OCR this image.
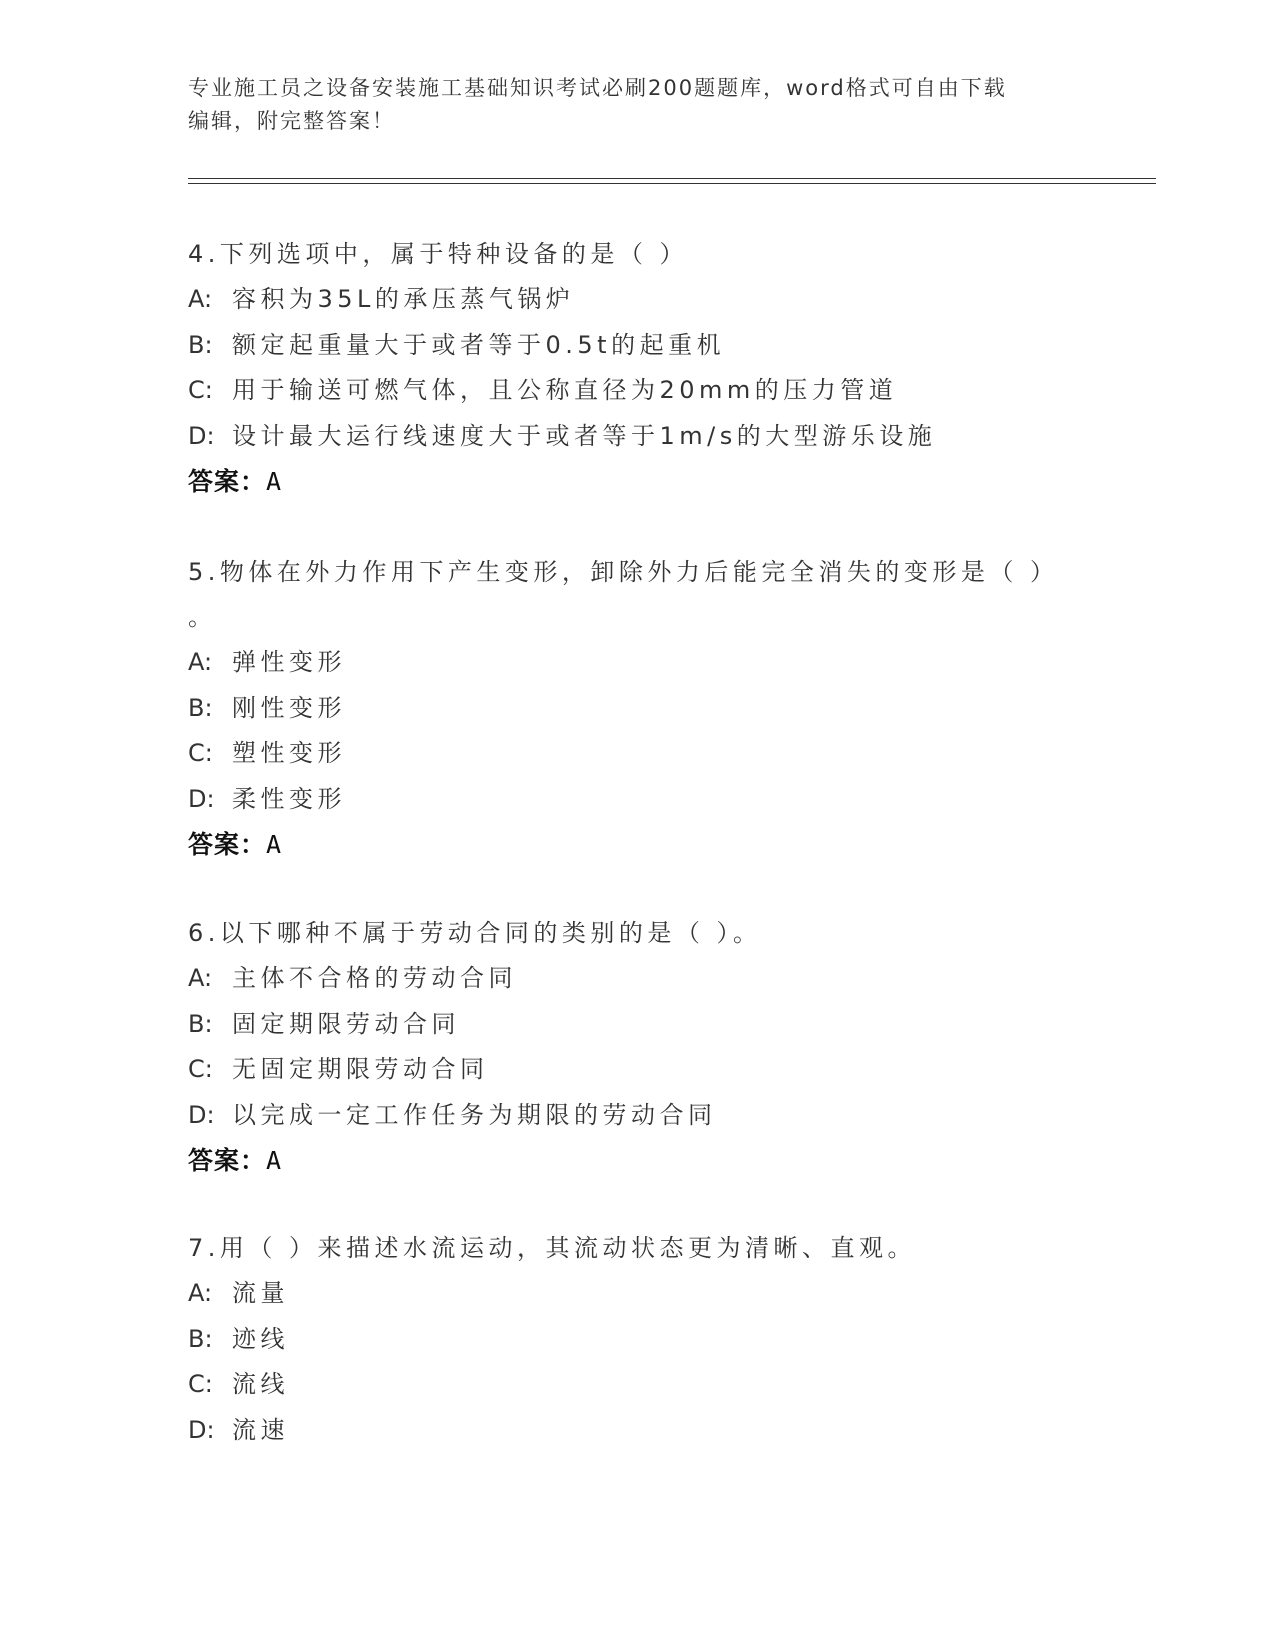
专业施工员之设备安装施工基础知识考试必刷200题题库，word格式可自由下载
编辑，附完整答案！
4.下列选项中，属于特种设备的是（ ）
A: 容积为35L的承压蒸气锅炉
B: 额定起重量大于或者等于0.5t的起重机
C: 用于输送可燃气体，且公称直径为20mm的压力管道
D: 设计最大运行线速度大于或者等于1m/s的大型游乐设施
答案：A
5.物体在外力作用下产生变形，卸除外力后能完全消失的变形是（ ）
。
A: 弹性变形
B: 刚性变形
C: 塑性变形
D: 柔性变形
答案：A
6.以下哪种不属于劳动合同的类别的是（ ）。
A: 主体不合格的劳动合同
B: 固定期限劳动合同
C: 无固定期限劳动合同
D: 以完成一定工作任务为期限的劳动合同
答案：A
7.用（ ）来描述水流运动，其流动状态更为清晰、直观。
A: 流量
B: 迹线
C: 流线
D: 流速
